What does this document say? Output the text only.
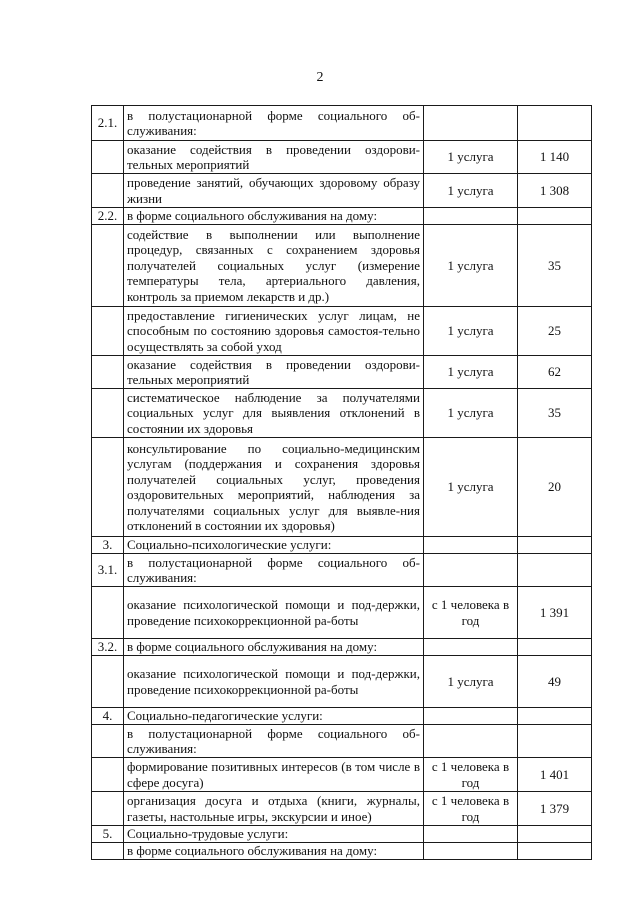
2
2.1.	в полустационарной форме социального об-служивания:		
	оказание содействия в проведении оздорови-тельных мероприятий	1 услуга	1 140
	проведение занятий, обучающих здоровому образу жизни	1 услуга	1 308
2.2.	в форме социального обслуживания на дому:		
	содействие в выполнении или выполнение процедур, связанных с сохранением здоровья получателей социальных услуг (измерение температуры тела, артериального давления, контроль за приемом лекарств и др.)	1 услуга	35
	предоставление гигиенических услуг лицам, не способным по состоянию здоровья самостоя-тельно осуществлять за собой уход	1 услуга	25
	оказание содействия в проведении оздорови-тельных мероприятий	1 услуга	62
	систематическое наблюдение за получателями социальных услуг для выявления отклонений в состоянии их здоровья	1 услуга	35
	консультирование по социально-медицинским услугам (поддержания и сохранения здоровья получателей социальных услуг, проведения оздоровительных мероприятий, наблюдения за получателями социальных услуг для выявле-ния отклонений в состоянии их здоровья)	1 услуга	20
3.	Социально-психологические услуги:		
3.1.	в полустационарной форме социального об-служивания:		
	оказание психологической помощи и под-держки, проведение психокоррекционной ра-боты	с 1 человека в год	1 391
3.2.	в форме социального обслуживания на дому:		
	оказание психологической помощи и под-держки, проведение психокоррекционной ра-боты	1 услуга	49
4.	Социально-педагогические услуги:		
	в полустационарной форме социального об-служивания:		
	формирование позитивных интересов (в том числе в сфере досуга)	с 1 человека в год	1 401
	организация досуга и отдыха (книги, журналы, газеты, настольные игры, экскурсии и иное)	с 1 человека в год	1 379
5.	Социально-трудовые услуги:		
	в форме социального обслуживания на дому:		
